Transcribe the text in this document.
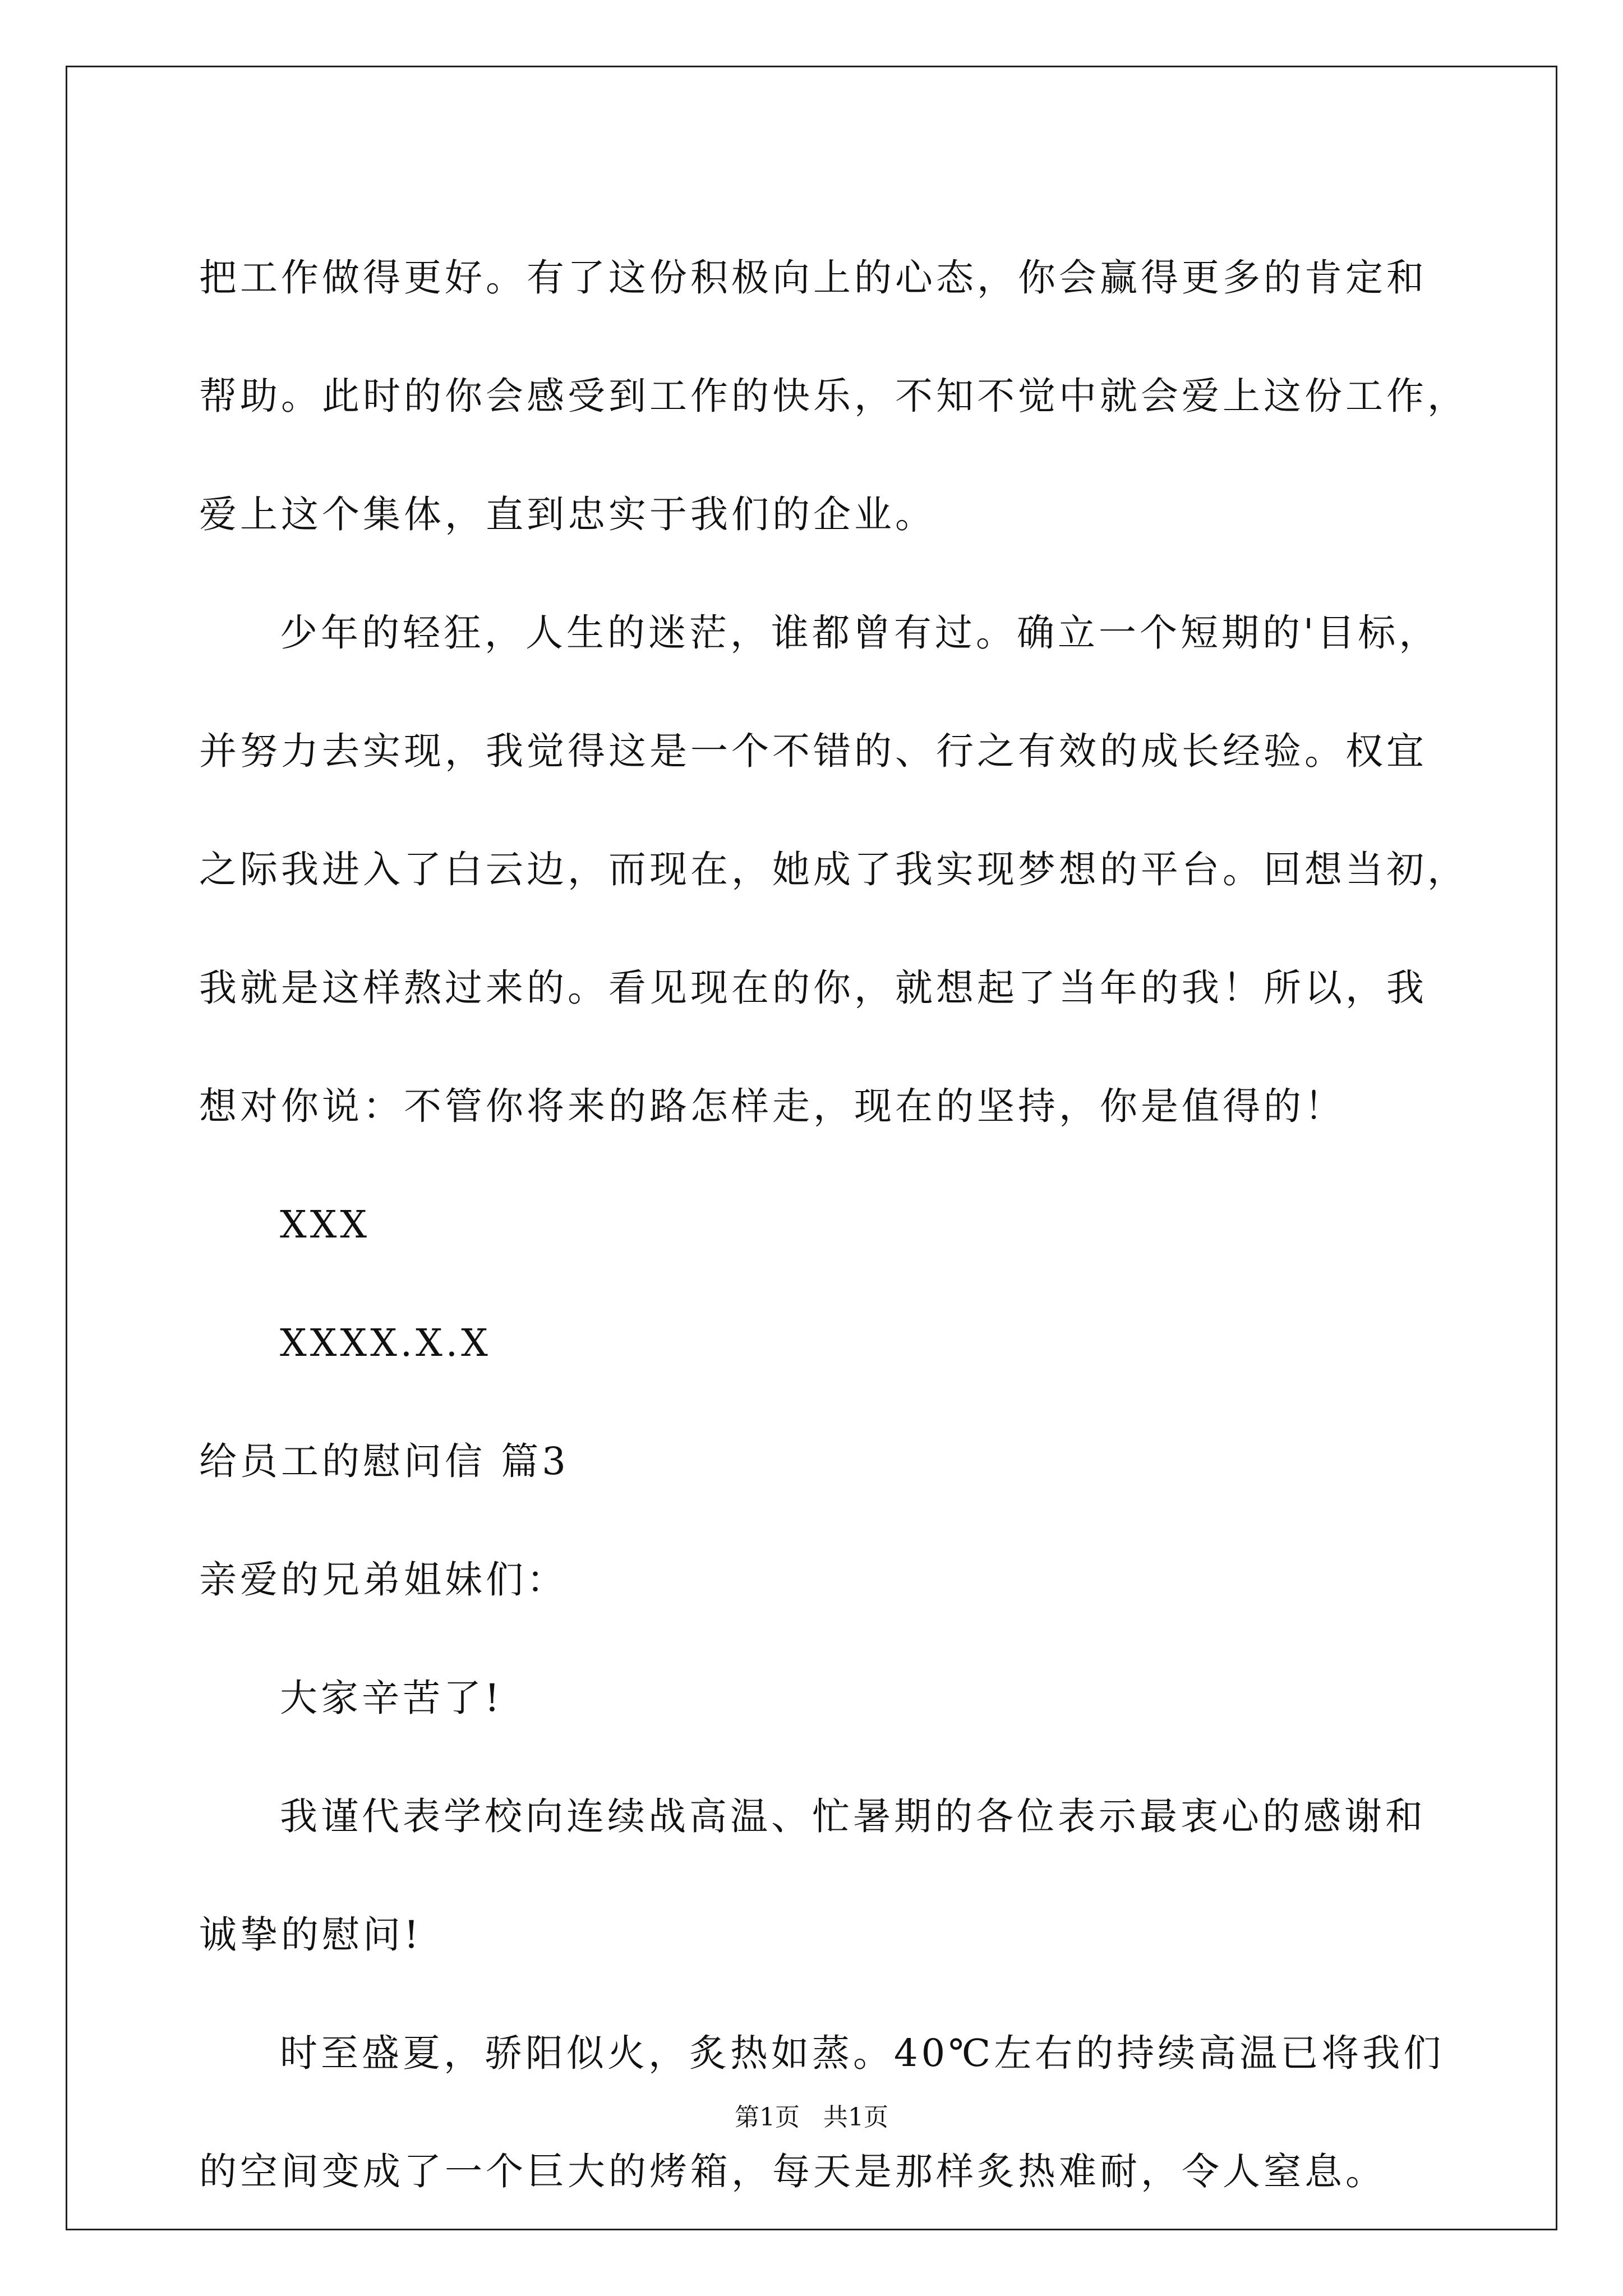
把工作做得更好。有了这份积极向上的心态，你会赢得更多的肯定和
帮助。此时的你会感受到工作的快乐，不知不觉中就会爱上这份工作，
爱上这个集体，直到忠实于我们的企业。
少年的轻狂，人生的迷茫，谁都曾有过。确立一个短期的'目标，
并努力去实现，我觉得这是一个不错的、行之有效的成长经验。权宜
之际我进入了白云边，而现在，她成了我实现梦想的平台。回想当初，
我就是这样熬过来的。看见现在的你，就想起了当年的我！所以，我
想对你说：不管你将来的路怎样走，现在的坚持，你是值得的！
XXX
XXXX.X.X
给员工的慰问信 篇3
亲爱的兄弟姐妹们：
大家辛苦了!
我谨代表学校向连续战高温、忙暑期的各位表示最衷心的感谢和
诚挚的慰问!
时至盛夏，骄阳似火，炙热如蒸。40℃左右的持续高温已将我们
的空间变成了一个巨大的烤箱，每天是那样炙热难耐，令人窒息。
第1页   共1页
